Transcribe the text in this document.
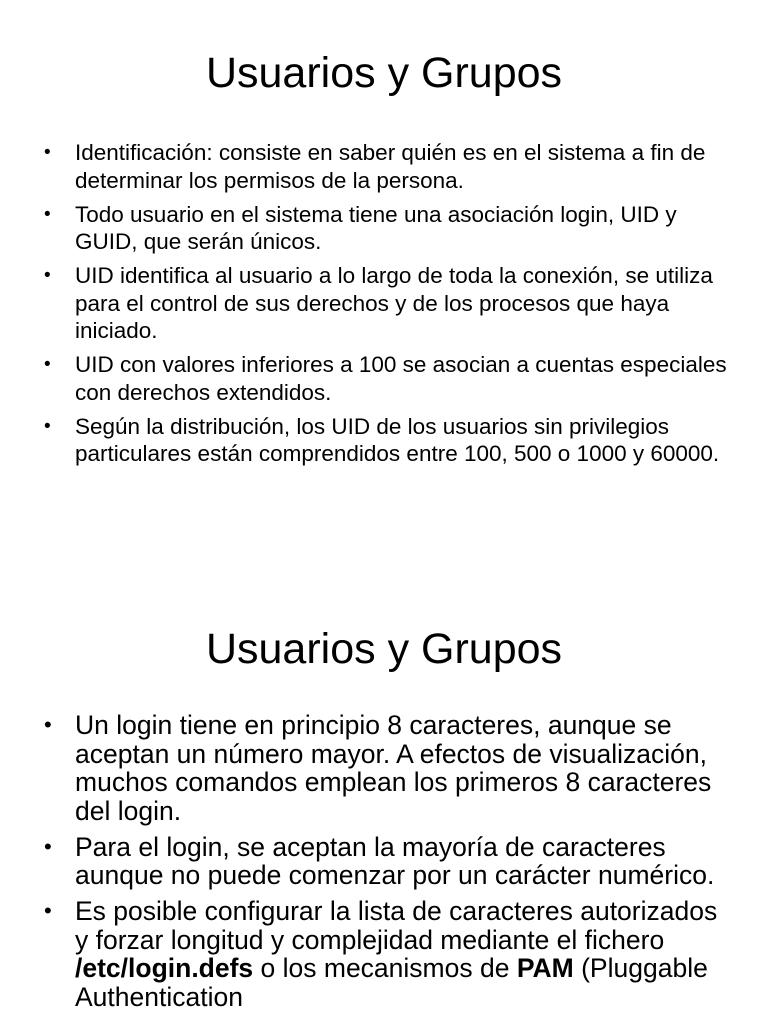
Usuarios y Grupos
• Identificación: consiste en saber quién es en el sistema a fin de determinar los permisos de la persona.
• Todo usuario en el sistema tiene una asociación login, UID y GUID, que serán únicos.
• UID identifica al usuario a lo largo de toda la conexión, se utiliza para el control de sus derechos y de los procesos que haya iniciado.
• UID con valores inferiores a 100 se asocian a cuentas especiales con derechos extendidos.
• Según la distribución, los UID de los usuarios sin privilegios particulares están comprendidos entre 100, 500 o 1000 y 60000.
Usuarios y Grupos
• Un login tiene en principio 8 caracteres, aunque se aceptan un número mayor. A efectos de visualización, muchos comandos emplean los primeros 8 caracteres del login.
• Para el login, se aceptan la mayoría de caracteres aunque no puede comenzar por un carácter numérico.
• Es posible configurar la lista de caracteres autorizados y forzar longitud y complejidad mediante el fichero /etc/login.defs o los mecanismos de PAM (Pluggable Authentication
